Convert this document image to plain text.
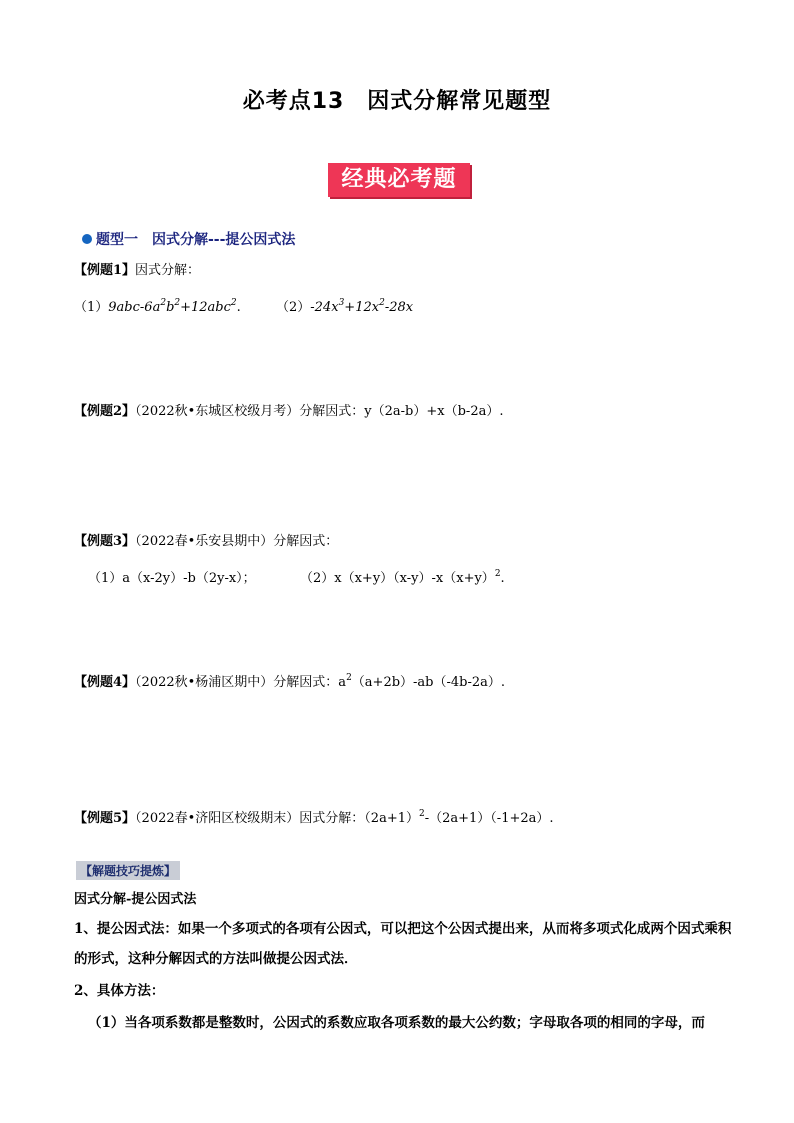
必考点13　因式分解常见题型
经典必考题
题型一 因式分解---提公因式法
【例题1】因式分解：
$(1)9abc-6a^2b^2+12abc^2$.	$(2)-24x^3+12x^2-28x$
【例题2】（2022秋•东城区校级月考）分解因式：y（2a-b）+x（b-2a）.
【例题3】（2022春•乐安县期中）分解因式：
（1）a（x-2y）-b（2y-x）；	$(2)x(x+y)(x-y)-x(x+y)^2$.
【例题4】（2022秋•杨浦区期中）分解因式：$a^2(a+2b)-ab(-4b-2a)$.
【例题5】（2022春•济阳区校级期末）因式分解：$(2a+1)^2-(2a+1)(-1+2a)$.
【解题技巧提炼】
因式分解-提公因式法
1、提公因式法：如果一个多项式的各项有公因式，可以把这个公因式提出来，从而将多项式化成两个因式乘积的形式，这种分解因式的方法叫做提公因式法．
2、具体方法：
（1）当各项系数都是整数时，公因式的系数应取各项系数的最大公约数；字母取各项的相同的字母，而
